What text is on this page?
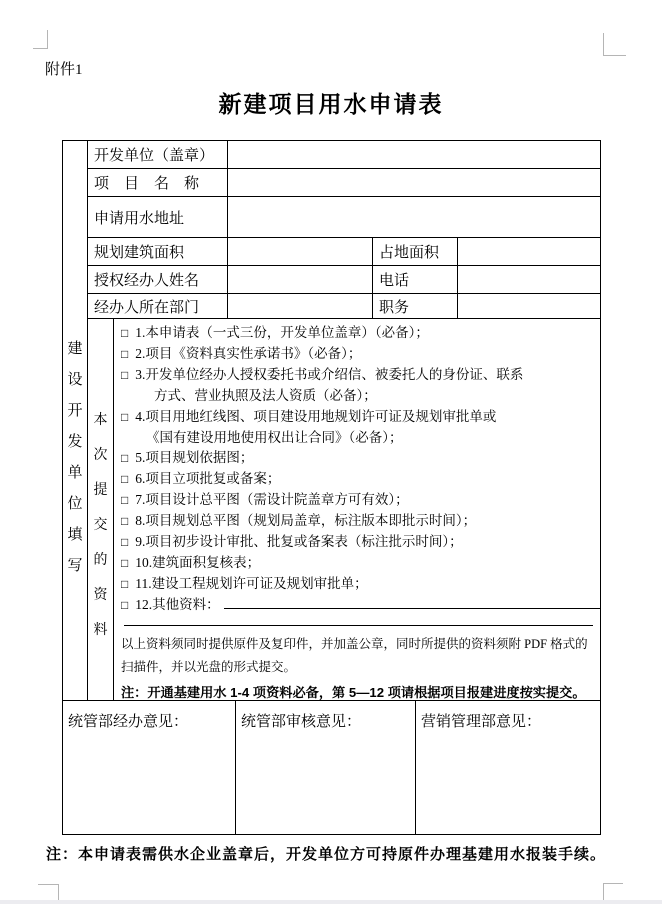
附件1
新建项目用水申请表
建设开发单位填写
开发单位（盖章）
项　目　名　称
申请用水地址
规划建筑面积	占地面积
授权经办人姓名	电话
经办人所在部门	职务
本次提交的资料
□ 1.本申请表（一式三份，开发单位盖章）（必备）；
□ 2.项目《资料真实性承诺书》（必备）；
□ 3.开发单位经办人授权委托书或介绍信、被委托人的身份证、联系
方式、营业执照及法人资质（必备）；
□ 4.项目用地红线图、项目建设用地规划许可证及规划审批单或
《国有建设用地使用权出让合同》（必备）；
□ 5.项目规划依据图；
□ 6.项目立项批复或备案；
□ 7.项目设计总平图（需设计院盖章方可有效）；
□ 8.项目规划总平图（规划局盖章，标注版本即批示时间）；
□ 9.项目初步设计审批、批复或备案表（标注批示时间）；
□ 10.建筑面积复核表；
□ 11.建设工程规划许可证及规划审批单；
□ 12.其他资料：
以上资料须同时提供原件及复印件，并加盖公章，同时所提供的资料须附 PDF 格式的扫描件，并以光盘的形式提交。
注：开通基建用水 1-4 项资料必备，第 5—12 项请根据项目报建进度按实提交。
统管部经办意见：	统管部审核意见：	营销管理部意见：
注：本申请表需供水企业盖章后，开发单位方可持原件办理基建用水报装手续。
